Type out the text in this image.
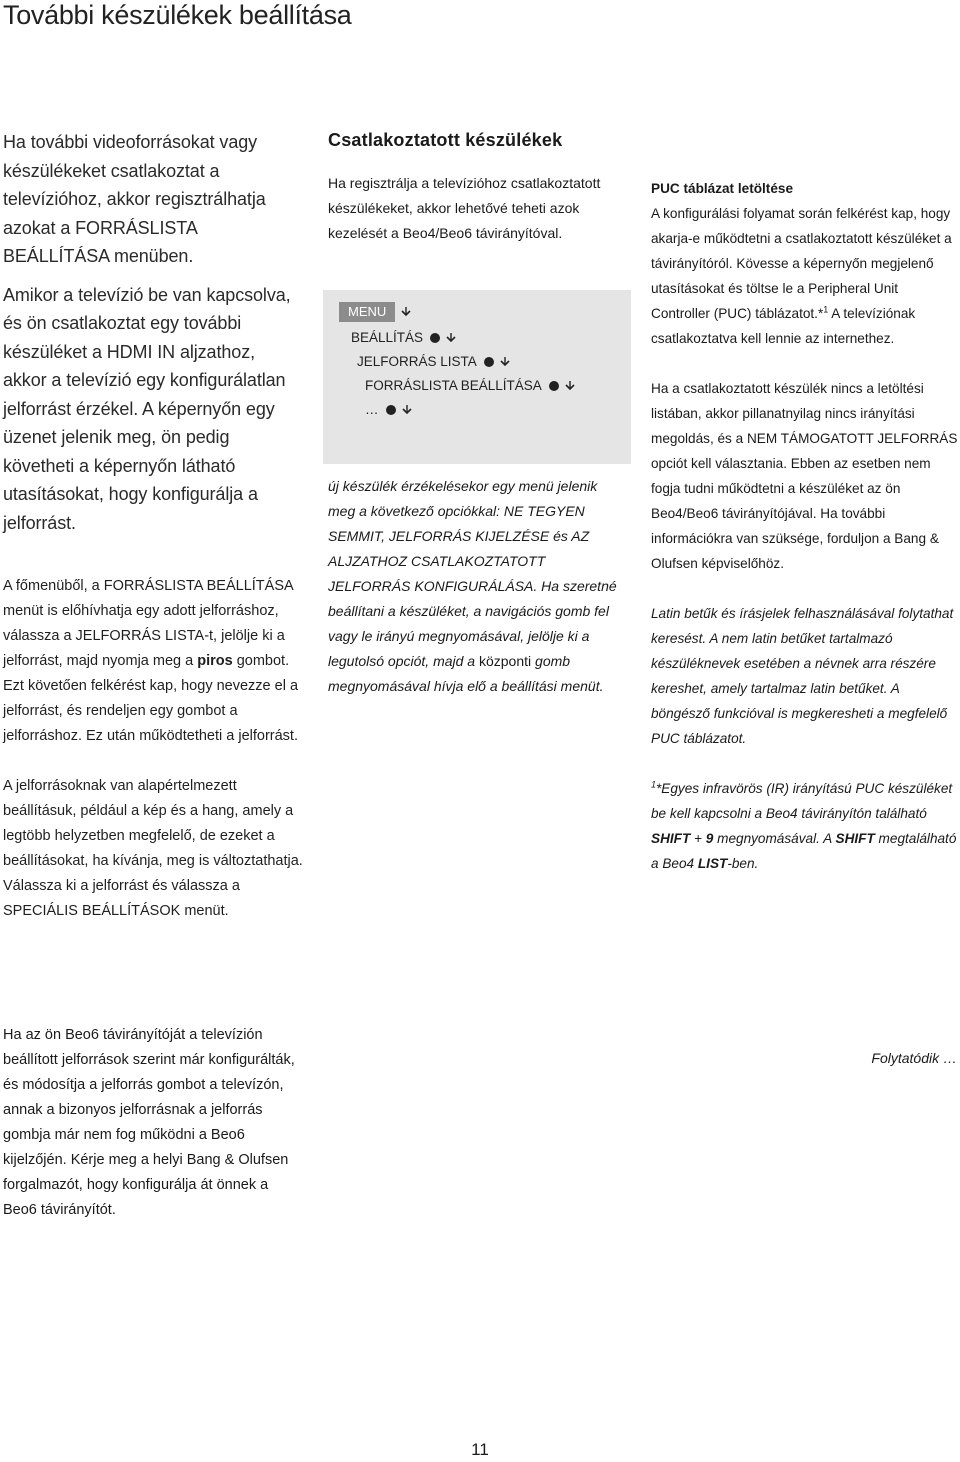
További készülékek beállítása

Ha további videoforrásokat vagy készülékeket csatlakoztat a televízióhoz, akkor regisztrálhatja azokat a FORRÁSLISTA BEÁLLÍTÁSA menüben.

Amikor a televízió be van kapcsolva, és ön csatlakoztat egy további készüléket a HDMI IN aljzathoz, akkor a televízió egy konfigurálatlan jelforrást érzékel. A képernyőn egy üzenet jelenik meg, ön pedig követheti a képernyőn látható utasításokat, hogy konfigurálja a jelforrást.

A főmenüből, a FORRÁSLISTA BEÁLLÍTÁSA menüt is előhívhatja egy adott jelforráshoz, válassza a JELFORRÁS LISTA-t, jelölje ki a jelforrást, majd nyomja meg a piros gombot. Ezt követően felkérést kap, hogy nevezze el a jelforrást, és rendeljen egy gombot a jelforráshoz. Ez után működtetheti a jelforrást.

A jelforrásoknak van alapértelmezett beállításuk, például a kép és a hang, amely a legtöbb helyzetben megfelelő, de ezeket a beállításokat, ha kívánja, meg is változtathatja. Válassza ki a jelforrást és válassza a SPECIÁLIS BEÁLLÍTÁSOK menüt.

Ha az ön Beo6 távirányítóját a televízión beállított jelforrások szerint már konfigurálták, és módosítja a jelforrás gombot a televízón, annak a bizonyos jelforrásnak a jelforrás gombja már nem fog működni a Beo6 kijelzőjén. Kérje meg a helyi Bang & Olufsen forgalmazót, hogy konfigurálja át önnek a Beo6 távirányítót.
Csatlakoztatott készülékek

Ha regisztrálja a televízióhoz csatlakoztatott készülékeket, akkor lehetővé teheti azok kezelését a Beo4/Beo6 távirányítóval.

MENU
BEÁLLÍTÁS
JELFORRÁS LISTA
FORRÁSLISTA BEÁLLÍTÁSA
…

új készülék érzékelésekor egy menü jelenik meg a következő opciókkal: NE TEGYEN SEMMIT, JELFORRÁS KIJELZÉSE és AZ ALJZATHOZ CSATLAKOZTATOTT JELFORRÁS KONFIGURÁLÁSA. Ha szeretné beállítani a készüléket, a navigációs gomb fel vagy le irányú megnyomásával, jelölje ki a legutolsó opciót, majd a központi gomb megnyomásával hívja elő a beállítási menüt.

PUC táblázat letöltése
A konfigurálási folyamat során felkérést kap, hogy akarja-e működtetni a csatlakoztatott készüléket a távirányítóról. Kövesse a képernyőn megjelenő utasításokat és töltse le a Peripheral Unit Controller (PUC) táblázatot.*$^1$ A televíziónak csatlakoztatva kell lennie az internethez.

Ha a csatlakoztatott készülék nincs a letöltési listában, akkor pillanatnyilag nincs irányítási megoldás, és a NEM TÁMOGATOTT JELFORRÁS opciót kell választania. Ebben az esetben nem fogja tudni működtetni a készüléket az ön Beo4/Beo6 távirányítójával. Ha további információkra van szüksége, forduljon a Bang & Olufsen képviselőhöz.

Latin betűk és írásjelek felhasználásával folytathat keresést. A nem latin betűket tartalmazó készüléknevek esetében a névnek arra részére kereshet, amely tartalmaz latin betűket. A böngésző funkcióval is megkeresheti a megfelelő PUC táblázatot.

$^1$*Egyes infravörös (IR) irányítású PUC készüléket be kell kapcsolni a Beo4 távirányítón található SHIFT + 9 megnyomásával. A SHIFT megtalálható a Beo4 LIST-ben.

Folytatódik …
11
